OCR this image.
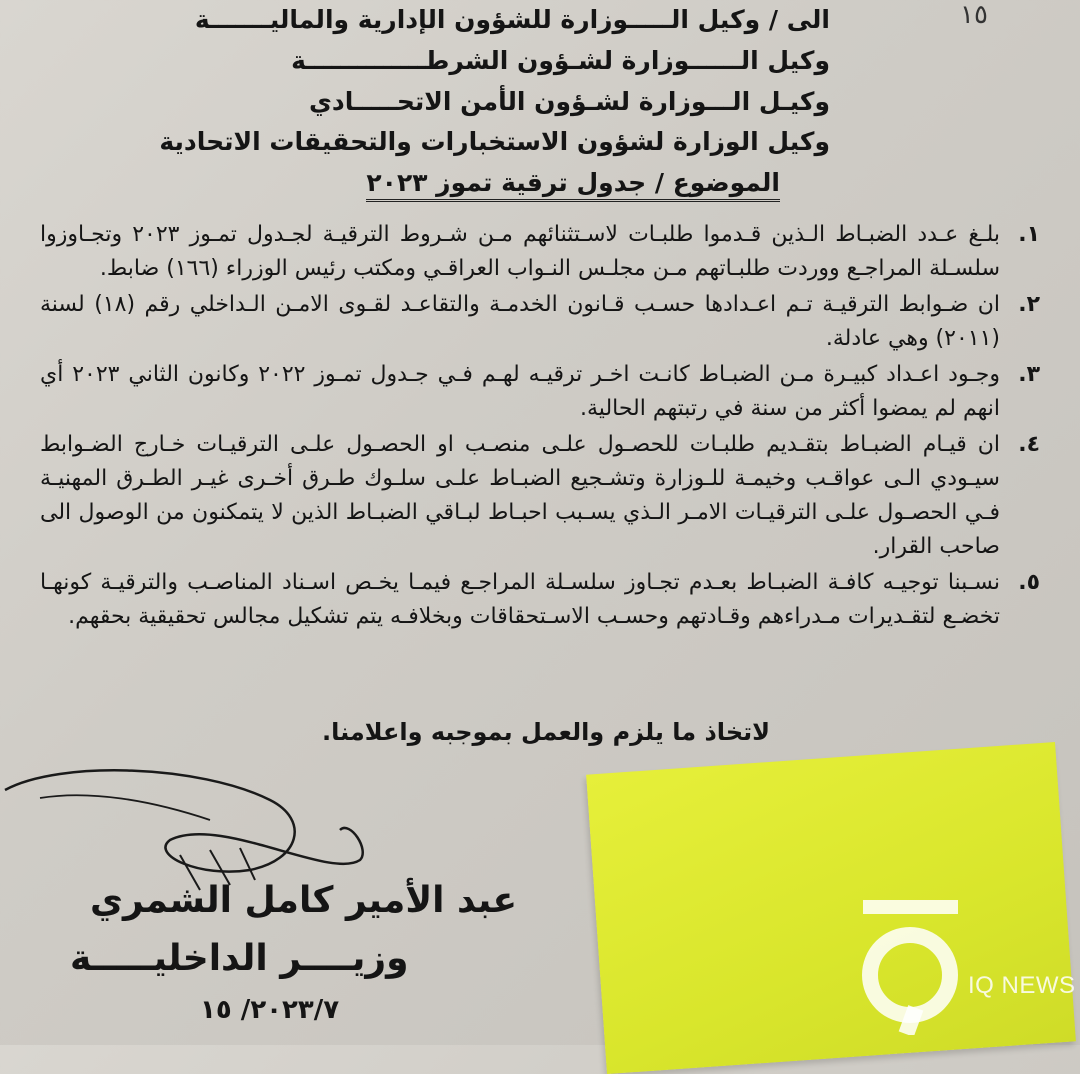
١٥
الى / وكيل الـــــوزارة للشؤون الإدارية والماليـــــــة
وكيل الــــــوزارة لشـؤون الشرطــــــــــــــة
وكيـل الـــوزارة لشـؤون الأمن الاتحـــــادي
وكيل الوزارة لشؤون الاستخبارات والتحقيقات الاتحادية
الموضوع / جدول ترقية تموز ٢٠٢٣
١.
بلـغ عـدد الضبـاط الـذين قـدموا طلبـات لاسـتثنائهم مـن شـروط الترقيـة لجـدول تمـوز ٢٠٢٣ وتجـاوزوا سلسـلة المراجـع ووردت طلبـاتهم مـن مجلـس النـواب العراقـي ومكتب رئيس الوزراء (١٦٦) ضابط.
٢.
ان ضـوابط الترقيـة تـم اعـدادها حسـب قـانون الخدمـة والتقاعـد لقـوى الامـن الـداخلي رقم (١٨) لسنة (٢٠١١) وهي عادلة.
٣.
وجـود اعـداد كبيـرة مـن الضبـاط كانـت اخـر ترقيـه لهـم فـي جـدول تمـوز ٢٠٢٢ وكانون الثاني ٢٠٢٣ أي انهم لم يمضوا أكثر من سنة في رتبتهم الحالية.
٤.
ان قيـام الضبـاط بتقـديم طلبـات للحصـول علـى منصـب او الحصـول علـى الترقيـات خـارج الضـوابط سيـودي الـى عواقـب وخيمـة للـوزارة وتشـجيع الضبـاط علـى سلـوك طـرق أخـرى غيـر الطـرق المهنيـة فـي الحصـول علـى الترقيـات الامـر الـذي يسـبب احبـاط لبـاقي الضبـاط الذين لا يتمكنون من الوصول الى صاحب القرار.
٥.
نسـبنا توجيـه كافـة الضبـاط بعـدم تجـاوز سلسـلة المراجـع فيمـا يخـص اسـناد المناصـب والترقيـة كونهـا تخضـع لتقـديرات مـدراءهم وقـادتهم وحسـب الاسـتحقاقات وبخلافـه يتم تشكيل مجالس تحقيقية بحقهم.
لاتخاذ ما يلزم والعمل بموجبه واعلامنا.
عبد الأمير كامل الشمري
وزيــــر الداخليـــــة
٢٠٢٣/٧/ ١٥
IQ NEWS
